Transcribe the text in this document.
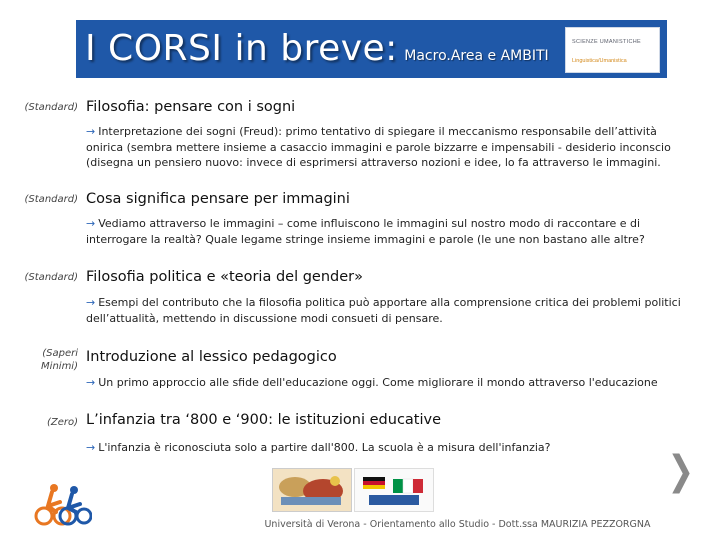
I CORSI in breve: Macro.Area e AMBITI
SCIENZE UMANISTICHE
Linguistica/Umanistica
(Standard) Filosofia: pensare con i sogni
→ Interpretazione dei sogni (Freud): primo tentativo di spiegare il meccanismo responsabile dell’attività onirica (sembra mettere insieme a casaccio immagini e parole bizzarre e impensabili - desiderio inconscio (disegna un pensiero nuovo: invece di esprimersi attraverso nozioni e idee, lo fa attraverso le immagini.
(Standard) Cosa significa pensare per immagini
→ Vediamo attraverso le immagini – come influiscono le immagini sul nostro modo di raccontare e di interrogare la realtà? Quale legame stringe insieme immagini e parole (le une non bastano alle altre?
(Standard) Filosofia politica e «teoria del gender»
→ Esempi del contributo che la filosofia politica può apportare alla comprensione critica dei problemi politici dell’attualità, mettendo in discussione modi consueti di pensare.
(Saperi Minimi)
Introduzione al lessico pedagogico
→ Un primo approccio alle sfide dell'educazione oggi. Come migliorare il mondo attraverso l'educazione
(Zero) L’infanzia tra ‘800 e ‘900: le istituzioni educative
→ L'infanzia è riconosciuta solo a partire dall'800. La scuola è a misura dell'infanzia?
❯
Università di Verona - Orientamento allo Studio - Dott.ssa MAURIZIA PEZZORGNA
